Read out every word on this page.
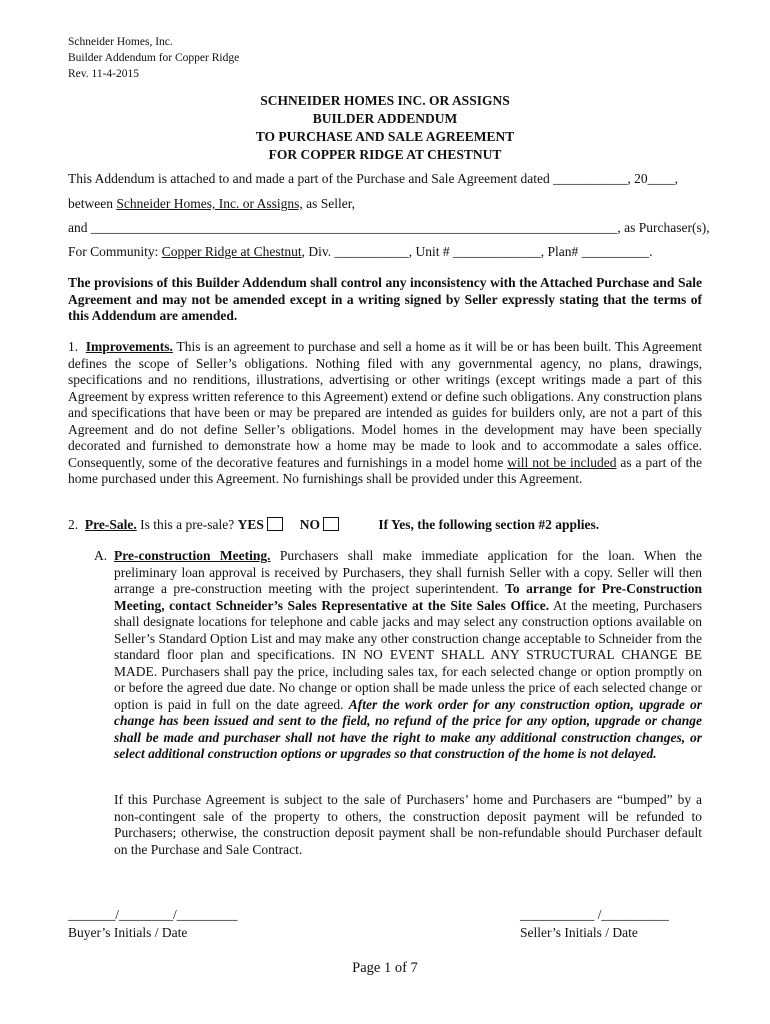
Schneider Homes, Inc.
Builder Addendum for Copper Ridge
Rev. 11-4-2015
SCHNEIDER HOMES INC. OR ASSIGNS
BUILDER ADDENDUM
TO PURCHASE AND SALE AGREEMENT
FOR COPPER RIDGE AT CHESTNUT
This Addendum is attached to and made a part of the Purchase and Sale Agreement dated ___________, 20____,
between Schneider Homes, Inc. or Assigns, as Seller,
and ______________________________________________________________________________, as Purchaser(s),
For Community: Copper Ridge at Chestnut, Div. ___________, Unit # _____________, Plan# __________.
The provisions of this Builder Addendum shall control any inconsistency with the Attached Purchase and Sale Agreement and may not be amended except in a writing signed by Seller expressly stating that the terms of this Addendum are amended.
1. Improvements. This is an agreement to purchase and sell a home as it will be or has been built. This Agreement defines the scope of Seller’s obligations. Nothing filed with any governmental agency, no plans, drawings, specifications and no renditions, illustrations, advertising or other writings (except writings made a part of this Agreement by express written reference to this Agreement) extend or define such obligations. Any construction plans and specifications that have been or may be prepared are intended as guides for builders only, are not a part of this Agreement and do not define Seller’s obligations. Model homes in the development may have been specially decorated and furnished to demonstrate how a home may be made to look and to accommodate a sales office. Consequently, some of the decorative features and furnishings in a model home will not be included as a part of the home purchased under this Agreement. No furnishings shall be provided under this Agreement.
2. Pre-Sale. Is this a pre-sale? YES	NO	If Yes, the following section #2 applies.
A. Pre-construction Meeting. Purchasers shall make immediate application for the loan. When the preliminary loan approval is received by Purchasers, they shall furnish Seller with a copy. Seller will then arrange a pre-construction meeting with the project superintendent. To arrange for Pre-Construction Meeting, contact Schneider’s Sales Representative at the Site Sales Office. At the meeting, Purchasers shall designate locations for telephone and cable jacks and may select any construction options available on Seller’s Standard Option List and may make any other construction change acceptable to Schneider from the standard floor plan and specifications. IN NO EVENT SHALL ANY STRUCTURAL CHANGE BE MADE. Purchasers shall pay the price, including sales tax, for each selected change or option promptly on or before the agreed due date. No change or option shall be made unless the price of each selected change or option is paid in full on the date agreed. After the work order for any construction option, upgrade or change has been issued and sent to the field, no refund of the price for any option, upgrade or change shall be made and purchaser shall not have the right to make any additional construction changes, or select additional construction options or upgrades so that construction of the home is not delayed.
If this Purchase Agreement is subject to the sale of Purchasers’ home and Purchasers are “bumped” by a non-contingent sale of the property to others, the construction deposit payment will be refunded to Purchasers; otherwise, the construction deposit payment shall be non-refundable should Purchaser default on the Purchase and Sale Contract.
_______/________/_________
Buyer’s Initials / Date
___________ /__________
Seller’s Initials / Date
Page 1 of 7
